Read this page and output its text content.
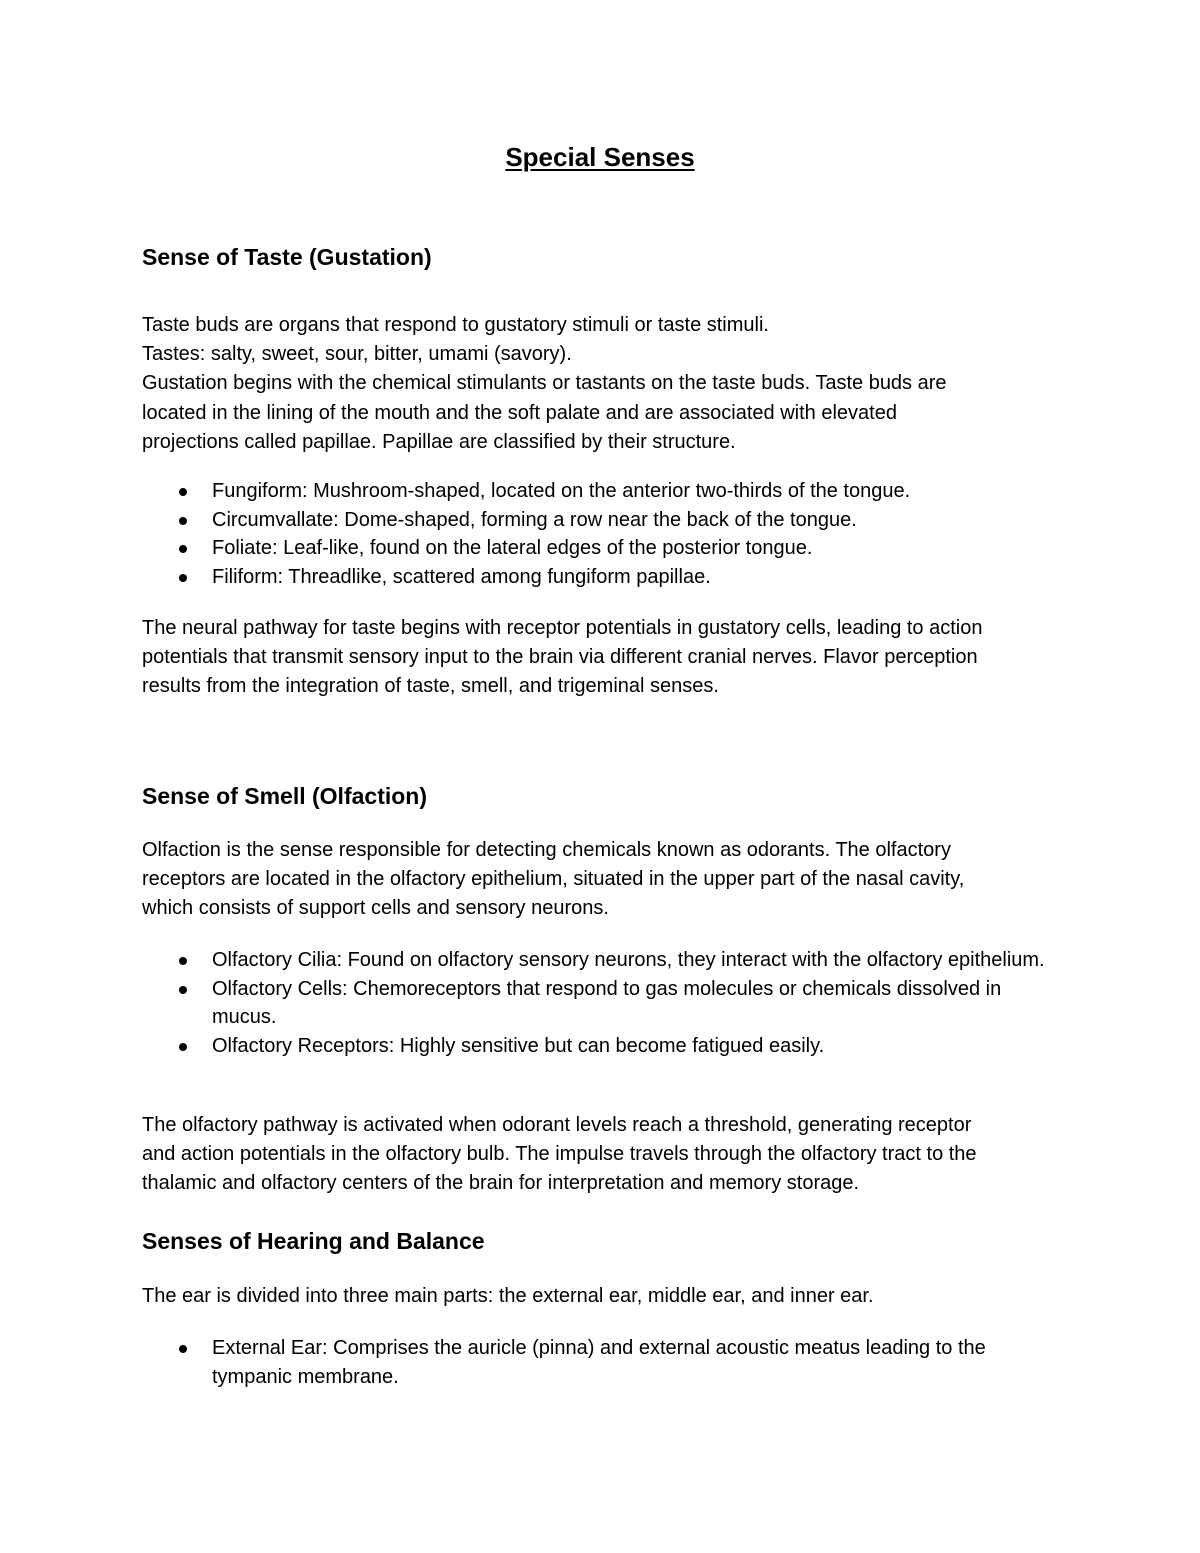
Special Senses
Sense of Taste (Gustation)

Taste buds are organs that respond to gustatory stimuli or taste stimuli.
Tastes: salty, sweet, sour, bitter, umami (savory).
Gustation begins with the chemical stimulants or tastants on the taste buds. Taste buds are
located in the lining of the mouth and the soft palate and are associated with elevated
projections called papillae. Papillae are classified by their structure.

Fungiform: Mushroom-shaped, located on the anterior two-thirds of the tongue.
Circumvallate: Dome-shaped, forming a row near the back of the tongue.
Foliate: Leaf-like, found on the lateral edges of the posterior tongue.
Filiform: Threadlike, scattered among fungiform papillae.

The neural pathway for taste begins with receptor potentials in gustatory cells, leading to action
potentials that transmit sensory input to the brain via different cranial nerves. Flavor perception
results from the integration of taste, smell, and trigeminal senses.

Sense of Smell (Olfaction)

Olfaction is the sense responsible for detecting chemicals known as odorants. The olfactory
receptors are located in the olfactory epithelium, situated in the upper part of the nasal cavity,
which consists of support cells and sensory neurons.

Olfactory Cilia: Found on olfactory sensory neurons, they interact with the olfactory epithelium.
Olfactory Cells: Chemoreceptors that respond to gas molecules or chemicals dissolved in mucus.
Olfactory Receptors: Highly sensitive but can become fatigued easily.

The olfactory pathway is activated when odorant levels reach a threshold, generating receptor
and action potentials in the olfactory bulb. The impulse travels through the olfactory tract to the
thalamic and olfactory centers of the brain for interpretation and memory storage.

Senses of Hearing and Balance

The ear is divided into three main parts: the external ear, middle ear, and inner ear.

External Ear: Comprises the auricle (pinna) and external acoustic meatus leading to the tympanic membrane.
